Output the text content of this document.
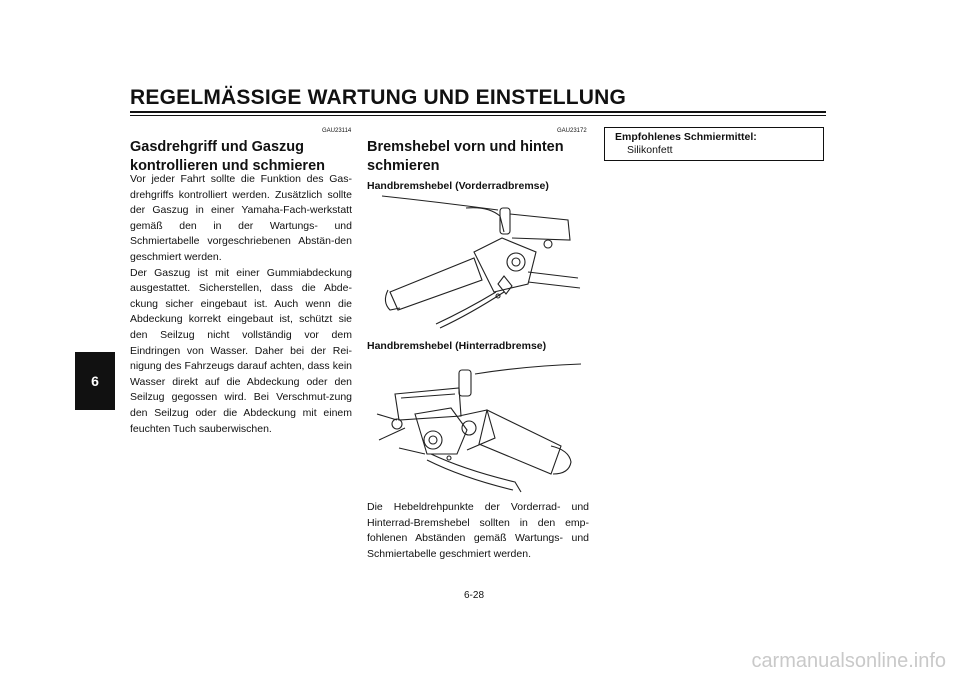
REGELMÄSSIGE WARTUNG UND EINSTELLUNG
6
GAU23114
Gasdrehgriff und Gaszug kontrollieren und schmieren

Vor jeder Fahrt sollte die Funktion des Gas-drehgriffs kontrolliert werden. Zusätzlich sollte der Gaszug in einer Yamaha-Fach-werkstatt gemäß den in der Wartungs- und Schmiertabelle vorgeschriebenen Abstän-den geschmiert werden.

Der Gaszug ist mit einer Gummiabdeckung ausgestattet. Sicherstellen, dass die Abde-ckung sicher eingebaut ist. Auch wenn die Abdeckung korrekt eingebaut ist, schützt sie den Seilzug nicht vollständig vor dem Eindringen von Wasser. Daher bei der Rei-nigung des Fahrzeugs darauf achten, dass kein Wasser direkt auf die Abdeckung oder den Seilzug gegossen wird. Bei Verschmut-zung den Seilzug oder die Abdeckung mit einem feuchten Tuch sauberwischen.

GAU23172
Bremshebel vorn und hinten schmieren
Handbremshebel (Vorderradbremse)
Handbremshebel (Hinterradbremse)

Die Hebeldrehpunkte der Vorderrad- und Hinterrad-Bremshebel sollten in den emp-fohlenen Abständen gemäß Wartungs- und Schmiertabelle geschmiert werden.

Empfohlenes Schmiermittel:
Silikonfett
6-28
carmanualsonline.info
